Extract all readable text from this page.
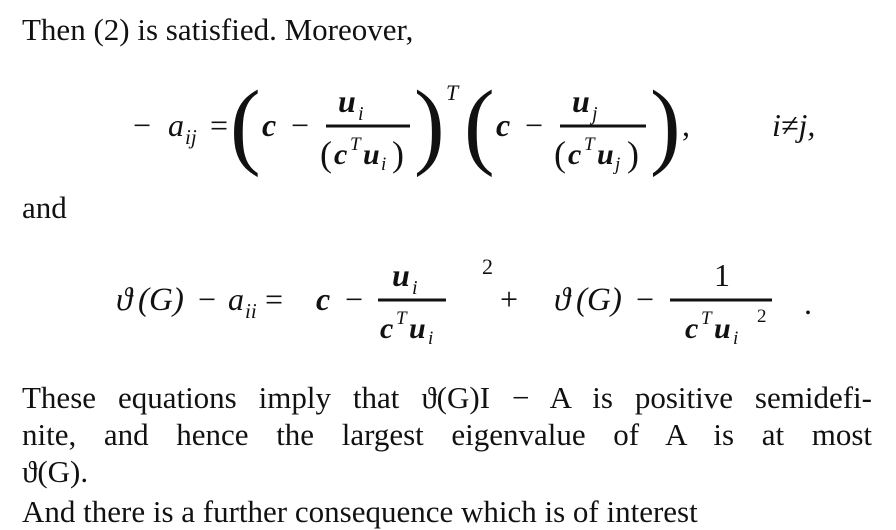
Then (2) is satisfied. Moreover,
− a ij = ( c −
u i
( c T u i ) ) T ( c −
u j
( c T u j ) ) ,	i≠j,
and
ϑ (G) − a ii = c −
u i
c T u i
2
+ ϑ (G) −
1
c T u i
2 .
These equations imply that ϑ(G)I − A is positive semidefi-
nite, and hence the largest eigenvalue of A is at most
ϑ(G).
And there is a further consequence which is of interest
